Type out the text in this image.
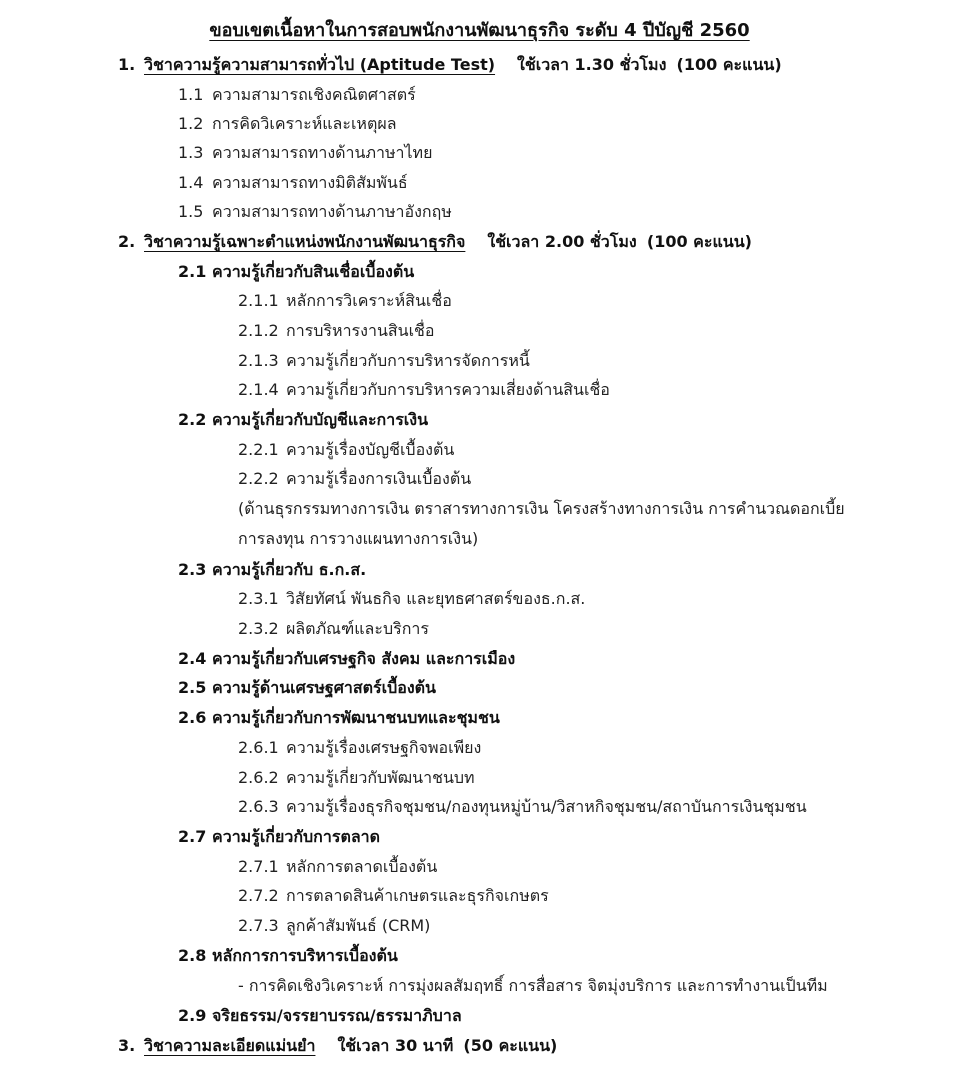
ขอบเขตเนื้อหาในการสอบพนักงานพัฒนาธุรกิจ ระดับ 4 ปีบัญชี 2560
1. วิชาความรู้ความสามารถทั่วไป (Aptitude Test) ใช้เวลา 1.30 ชั่วโมง (100 คะแนน)
1.1 ความสามารถเชิงคณิตศาสตร์
1.2 การคิดวิเคราะห์และเหตุผล
1.3 ความสามารถทางด้านภาษาไทย
1.4 ความสามารถทางมิติสัมพันธ์
1.5 ความสามารถทางด้านภาษาอังกฤษ
2. วิชาความรู้เฉพาะตำแหน่งพนักงานพัฒนาธุรกิจ ใช้เวลา 2.00 ชั่วโมง (100 คะแนน)
2.1 ความรู้เกี่ยวกับสินเชื่อเบื้องต้น
2.1.1 หลักการวิเคราะห์สินเชื่อ
2.1.2 การบริหารงานสินเชื่อ
2.1.3 ความรู้เกี่ยวกับการบริหารจัดการหนี้
2.1.4 ความรู้เกี่ยวกับการบริหารความเสี่ยงด้านสินเชื่อ
2.2 ความรู้เกี่ยวกับบัญชีและการเงิน
2.2.1 ความรู้เรื่องบัญชีเบื้องต้น
2.2.2 ความรู้เรื่องการเงินเบื้องต้น
(ด้านธุรกรรมทางการเงิน ตราสารทางการเงิน โครงสร้างทางการเงิน การคำนวณดอกเบี้ย
การลงทุน การวางแผนทางการเงิน)
2.3 ความรู้เกี่ยวกับ ธ.ก.ส.
2.3.1 วิสัยทัศน์ พันธกิจ และยุทธศาสตร์ของธ.ก.ส.
2.3.2 ผลิตภัณฑ์และบริการ
2.4 ความรู้เกี่ยวกับเศรษฐกิจ สังคม และการเมือง
2.5 ความรู้ด้านเศรษฐศาสตร์เบื้องต้น
2.6 ความรู้เกี่ยวกับการพัฒนาชนบทและชุมชน
2.6.1 ความรู้เรื่องเศรษฐกิจพอเพียง
2.6.2 ความรู้เกี่ยวกับพัฒนาชนบท
2.6.3 ความรู้เรื่องธุรกิจชุมชน/กองทุนหมู่บ้าน/วิสาหกิจชุมชน/สถาบันการเงินชุมชน
2.7 ความรู้เกี่ยวกับการตลาด
2.7.1 หลักการตลาดเบื้องต้น
2.7.2 การตลาดสินค้าเกษตรและธุรกิจเกษตร
2.7.3 ลูกค้าสัมพันธ์ (CRM)
2.8 หลักการการบริหารเบื้องต้น
- การคิดเชิงวิเคราะห์ การมุ่งผลสัมฤทธิ์ การสื่อสาร จิตมุ่งบริการ และการทำงานเป็นทีม
2.9 จริยธรรม/จรรยาบรรณ/ธรรมาภิบาล
3. วิชาความละเอียดแม่นยำ ใช้เวลา 30 นาที (50 คะแนน)
